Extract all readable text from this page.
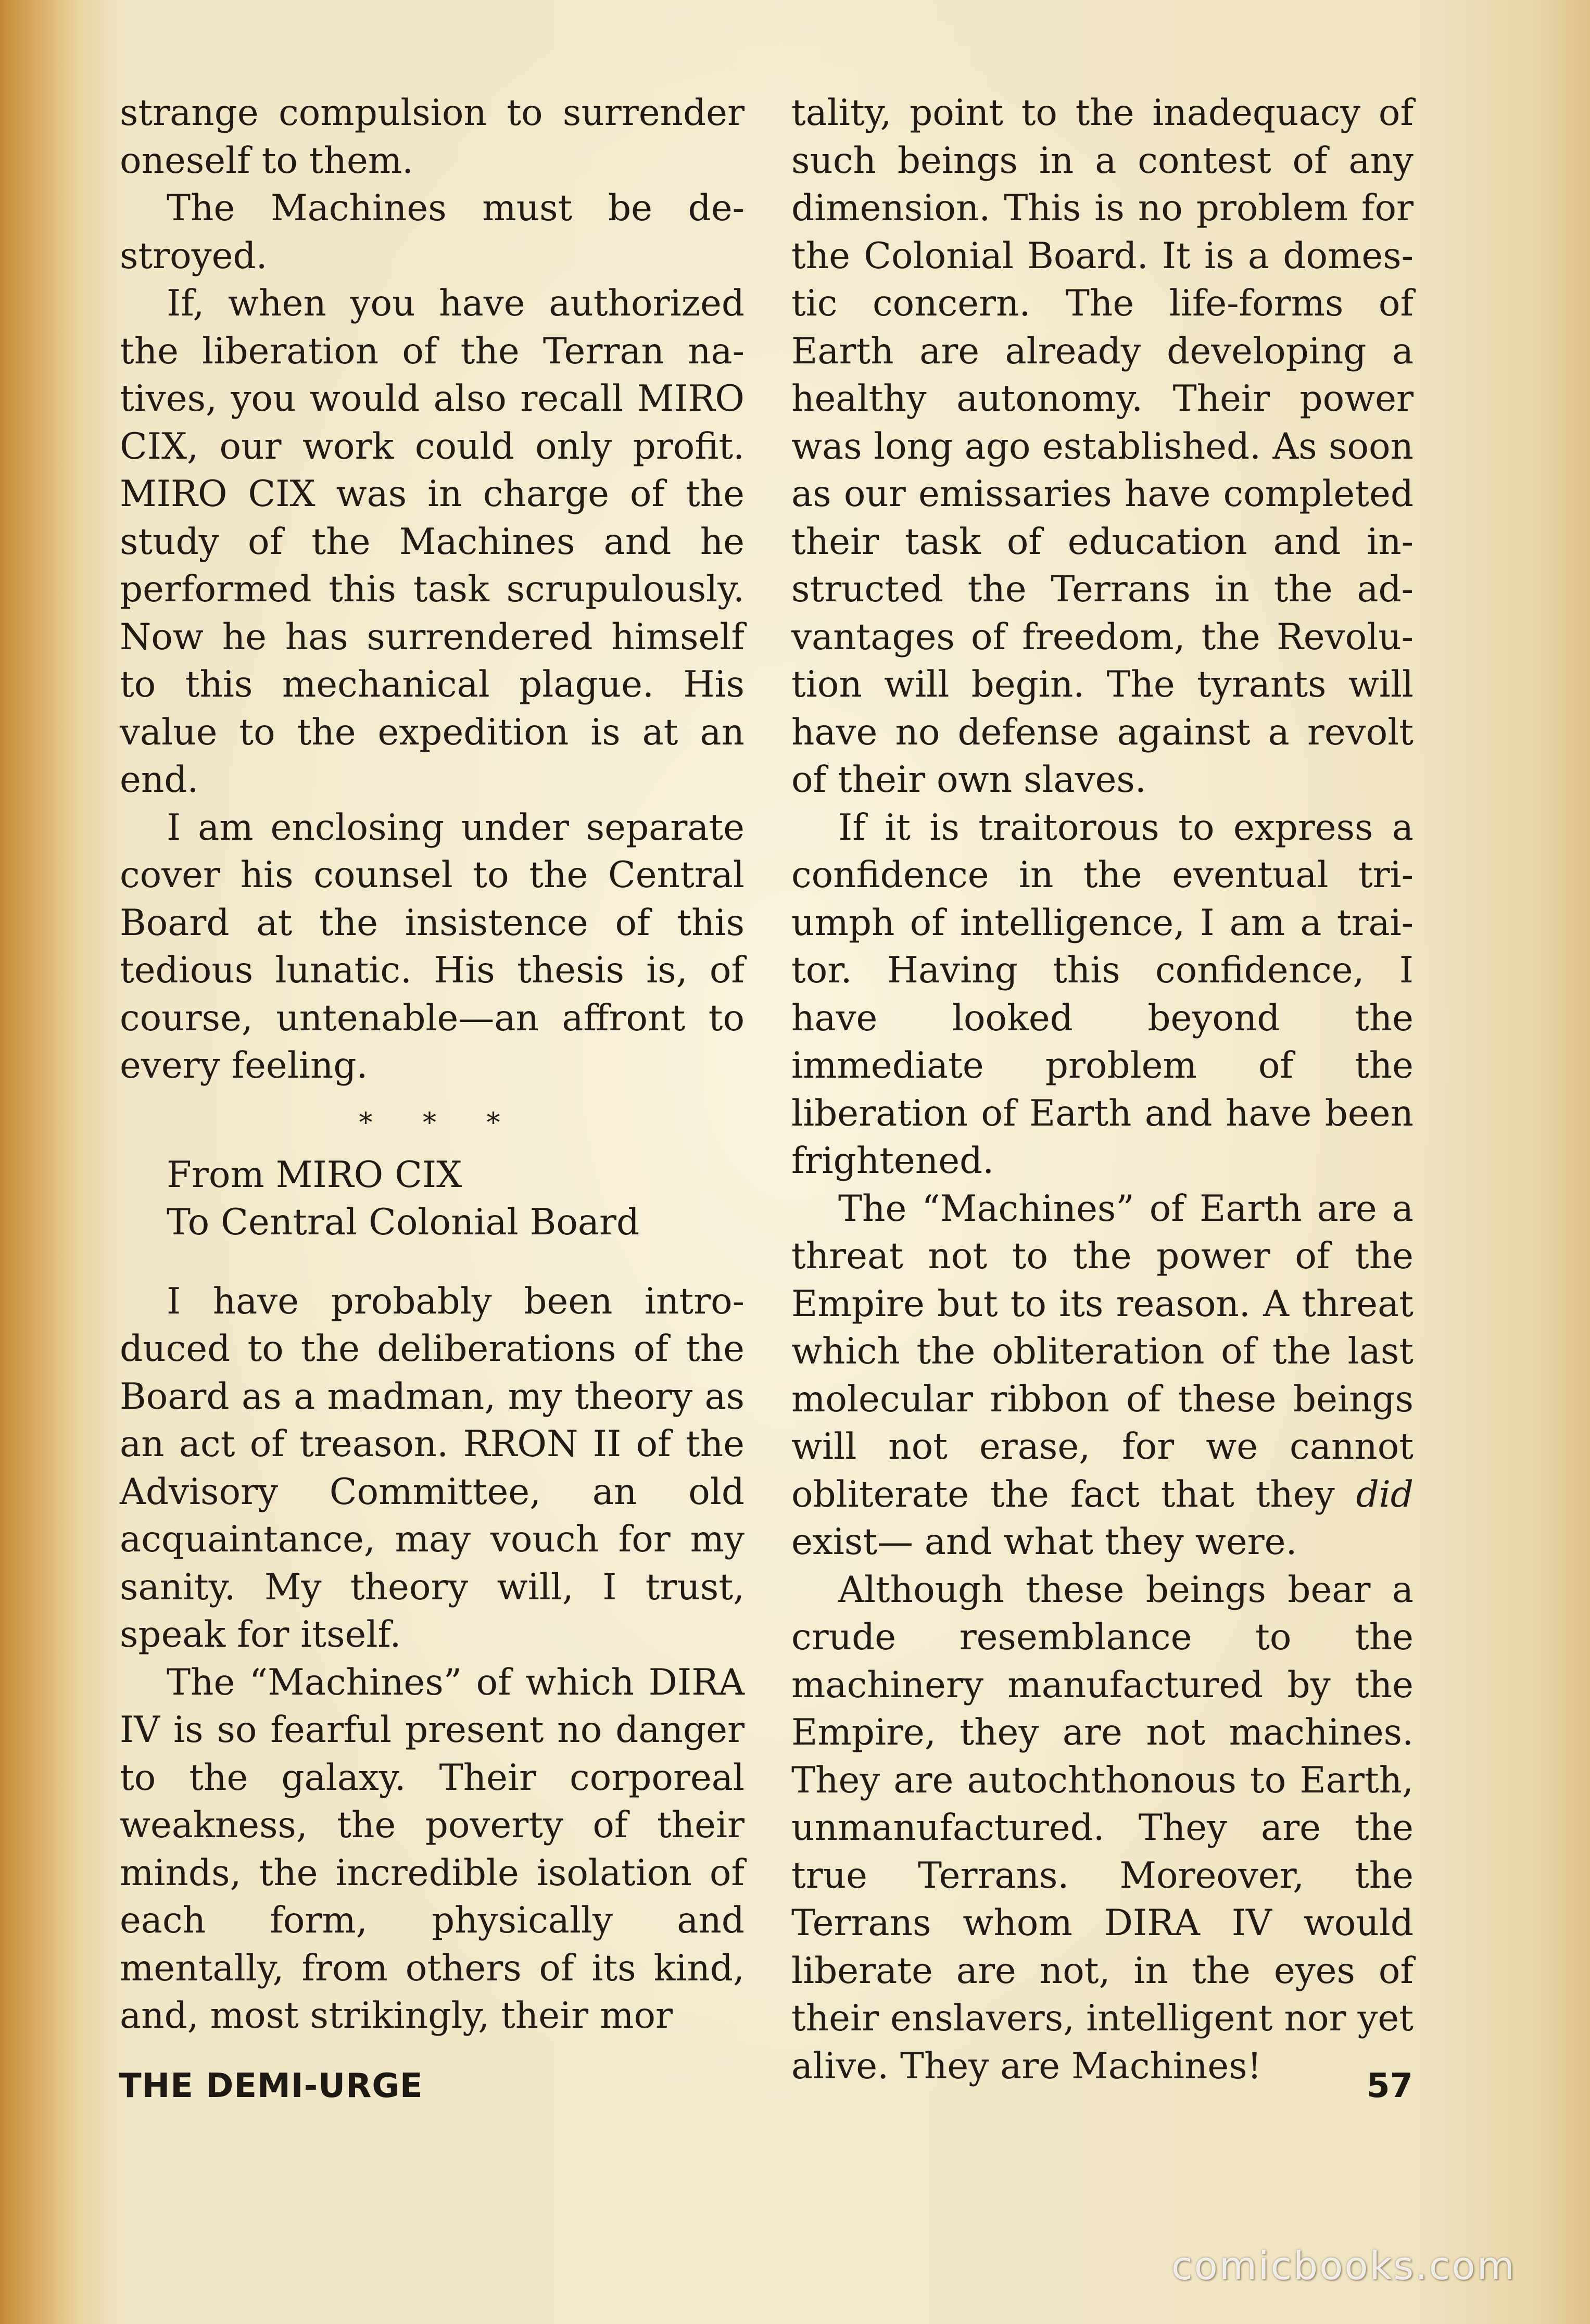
strange compulsion to surrender oneself to them.

The Machines must be destroyed.

If, when you have authorized the liberation of the Terran natives, you would also recall MIRO CIX, our work could only profit. MIRO CIX was in charge of the study of the Machines and he performed this task scrupulously. Now he has surrendered himself to this mechanical plague. His value to the expedition is at an end.

I am enclosing under separate cover his counsel to the Central Board at the insistence of this tedious lunatic. His thesis is, of course, untenable—an affront to every feeling.

* * *
From MIRO CIX
To Central Colonial Board

I have probably been introduced to the deliberations of the Board as a madman, my theory as an act of treason. RRON II of the Advisory Committee, an old acquaintance, may vouch for my sanity. My theory will, I trust, speak for itself.

The “Machines” of which DIRA IV is so fearful present no danger to the galaxy. Their corporeal weakness, the poverty of their minds, the incredible isolation of each form, physically and mentally, from others of its kind, and, most strikingly, their mor

tality, point to the inadequacy of such beings in a contest of any dimension. This is no problem for the Colonial Board. It is a domestic concern. The life-forms of Earth are already developing a healthy autonomy. Their power was long ago established. As soon as our emissaries have completed their task of education and instructed the Terrans in the advantages of freedom, the Revolution will begin. The tyrants will have no defense against a revolt of their own slaves.

If it is traitorous to express a confidence in the eventual triumph of intelligence, I am a traitor. Having this confidence, I have looked beyond the immediate problem of the liberation of Earth and have been frightened.

The “Machines” of Earth are a threat not to the power of the Empire but to its reason. A threat which the obliteration of the last molecular ribbon of these beings will not erase, for we cannot obliterate the fact that they did exist— and what they were.

Although these beings bear a crude resemblance to the machinery manufactured by the Empire, they are not machines. They are autochthonous to Earth, unmanufactured. They are the true Terrans. Moreover, the Terrans whom DIRA IV would liberate are not, in the eyes of their enslavers, intelligent nor yet alive. They are Machines!

THE DEMI-URGE	57
comicbooks.com
